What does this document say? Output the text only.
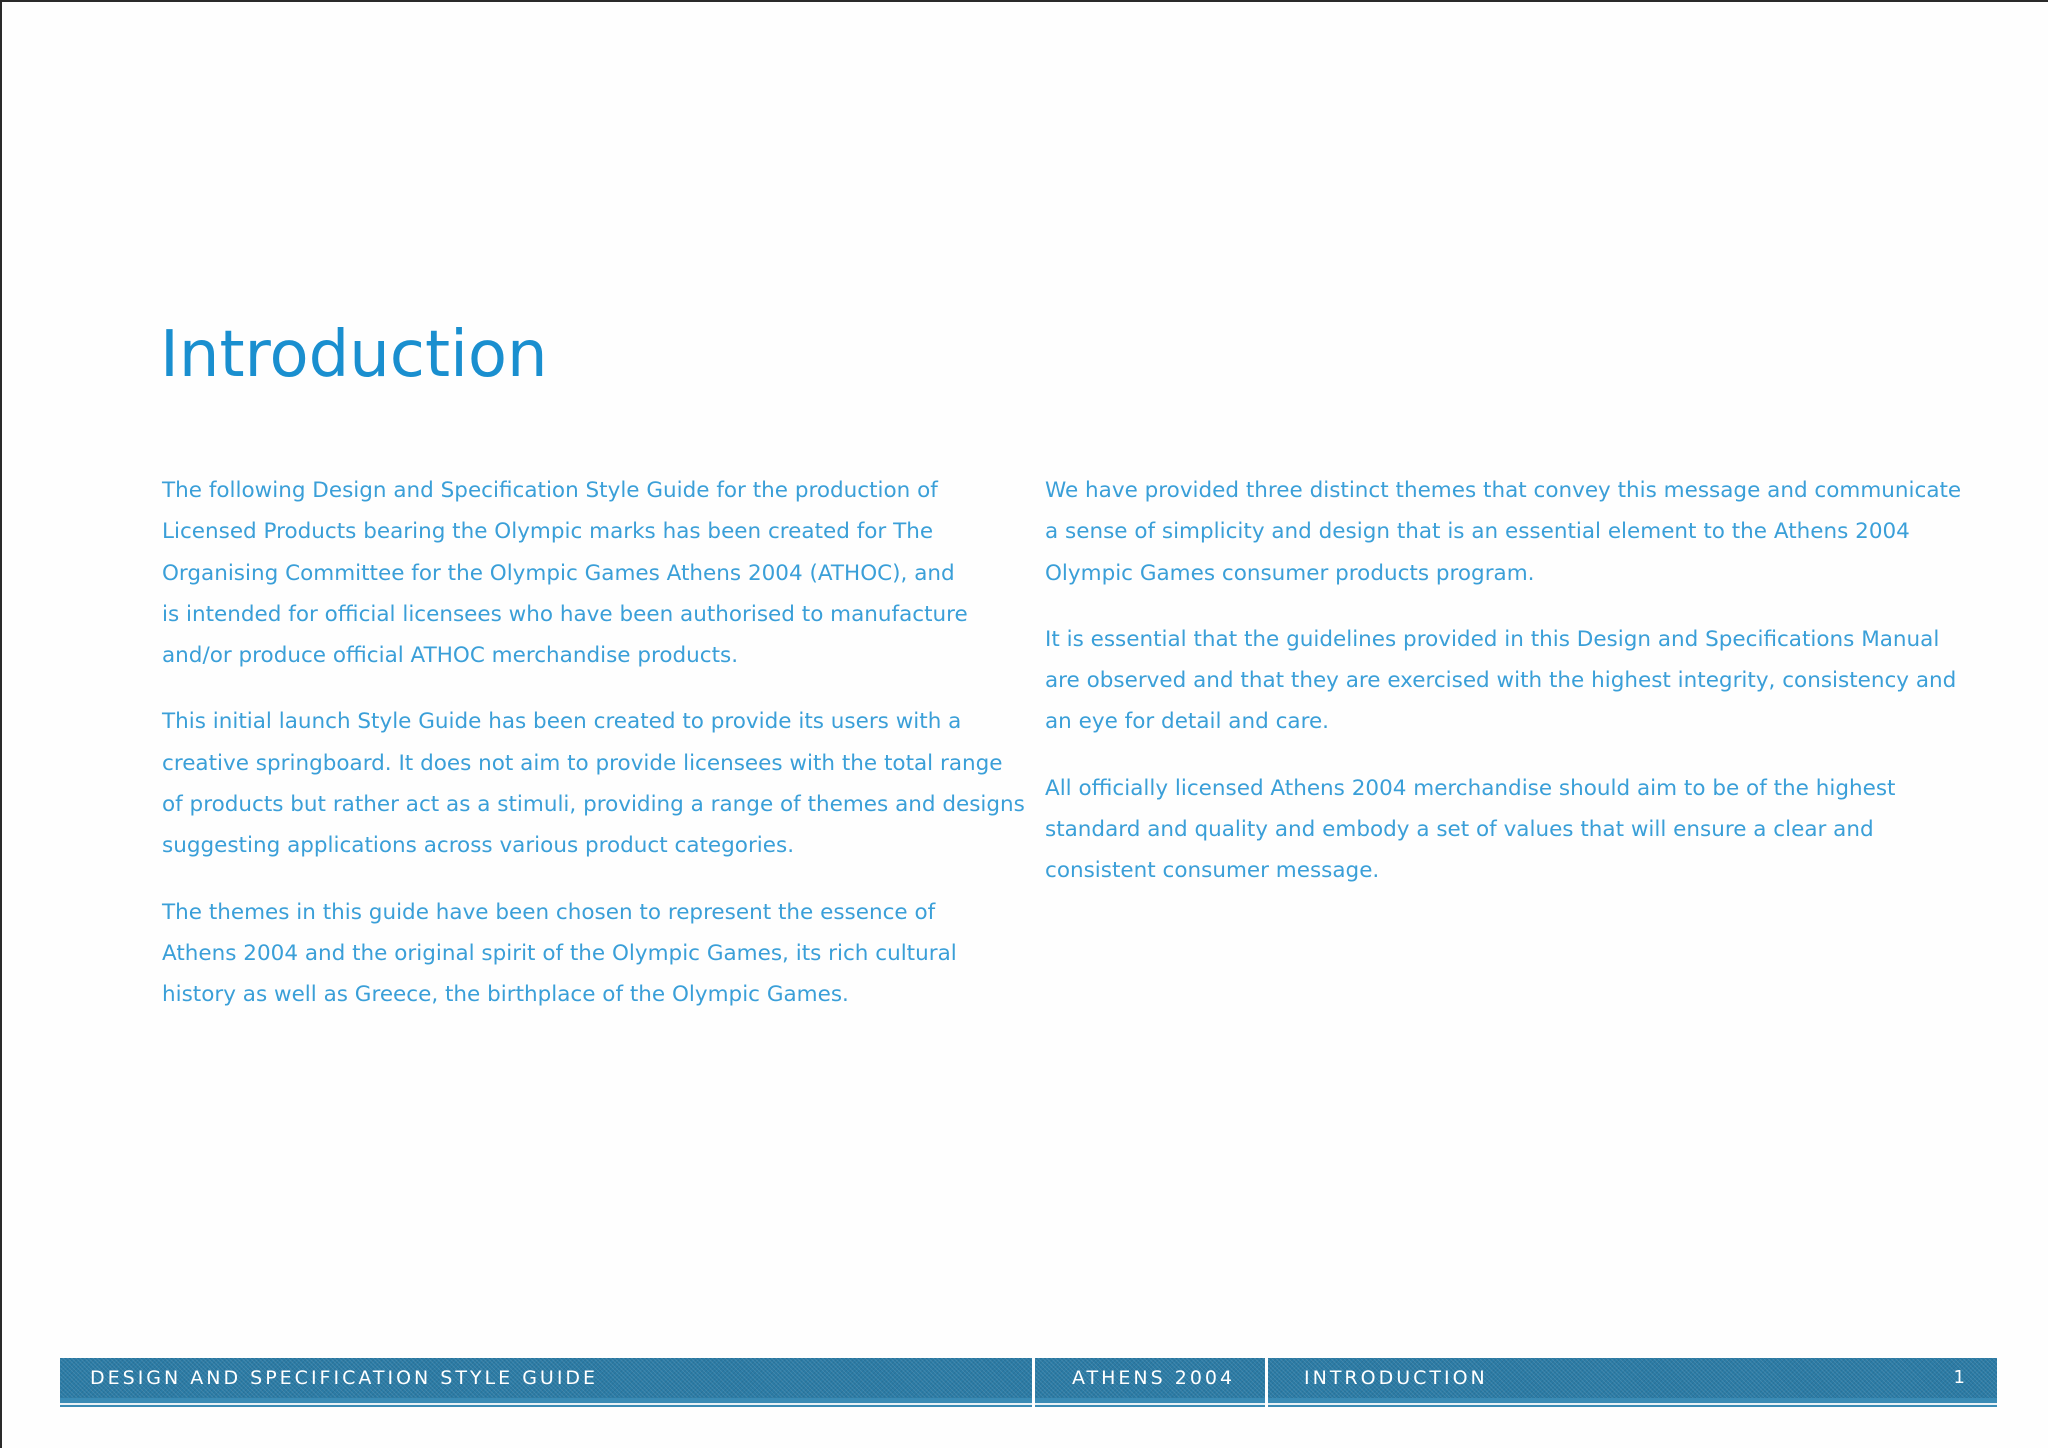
Introduction

The following Design and Specification Style Guide for the production of
Licensed Products bearing the Olympic marks has been created for The
Organising Committee for the Olympic Games Athens 2004 (ATHOC), and
is intended for official licensees who have been authorised to manufacture
and/or produce official ATHOC merchandise products.

This initial launch Style Guide has been created to provide its users with a
creative springboard. It does not aim to provide licensees with the total range
of products but rather act as a stimuli, providing a range of themes and designs
suggesting applications across various product categories.

The themes in this guide have been chosen to represent the essence of
Athens 2004 and the original spirit of the Olympic Games, its rich cultural
history as well as Greece, the birthplace of the Olympic Games.

We have provided three distinct themes that convey this message and communicate
a sense of simplicity and design that is an essential element to the Athens 2004
Olympic Games consumer products program.

It is essential that the guidelines provided in this Design and Specifications Manual
are observed and that they are exercised with the highest integrity, consistency and
an eye for detail and care.

All officially licensed Athens 2004 merchandise should aim to be of the highest
standard and quality and embody a set of values that will ensure a clear and
consistent consumer message.

DESIGN AND SPECIFICATION STYLE GUIDE	ATHENS 2004	INTRODUCTION	1
